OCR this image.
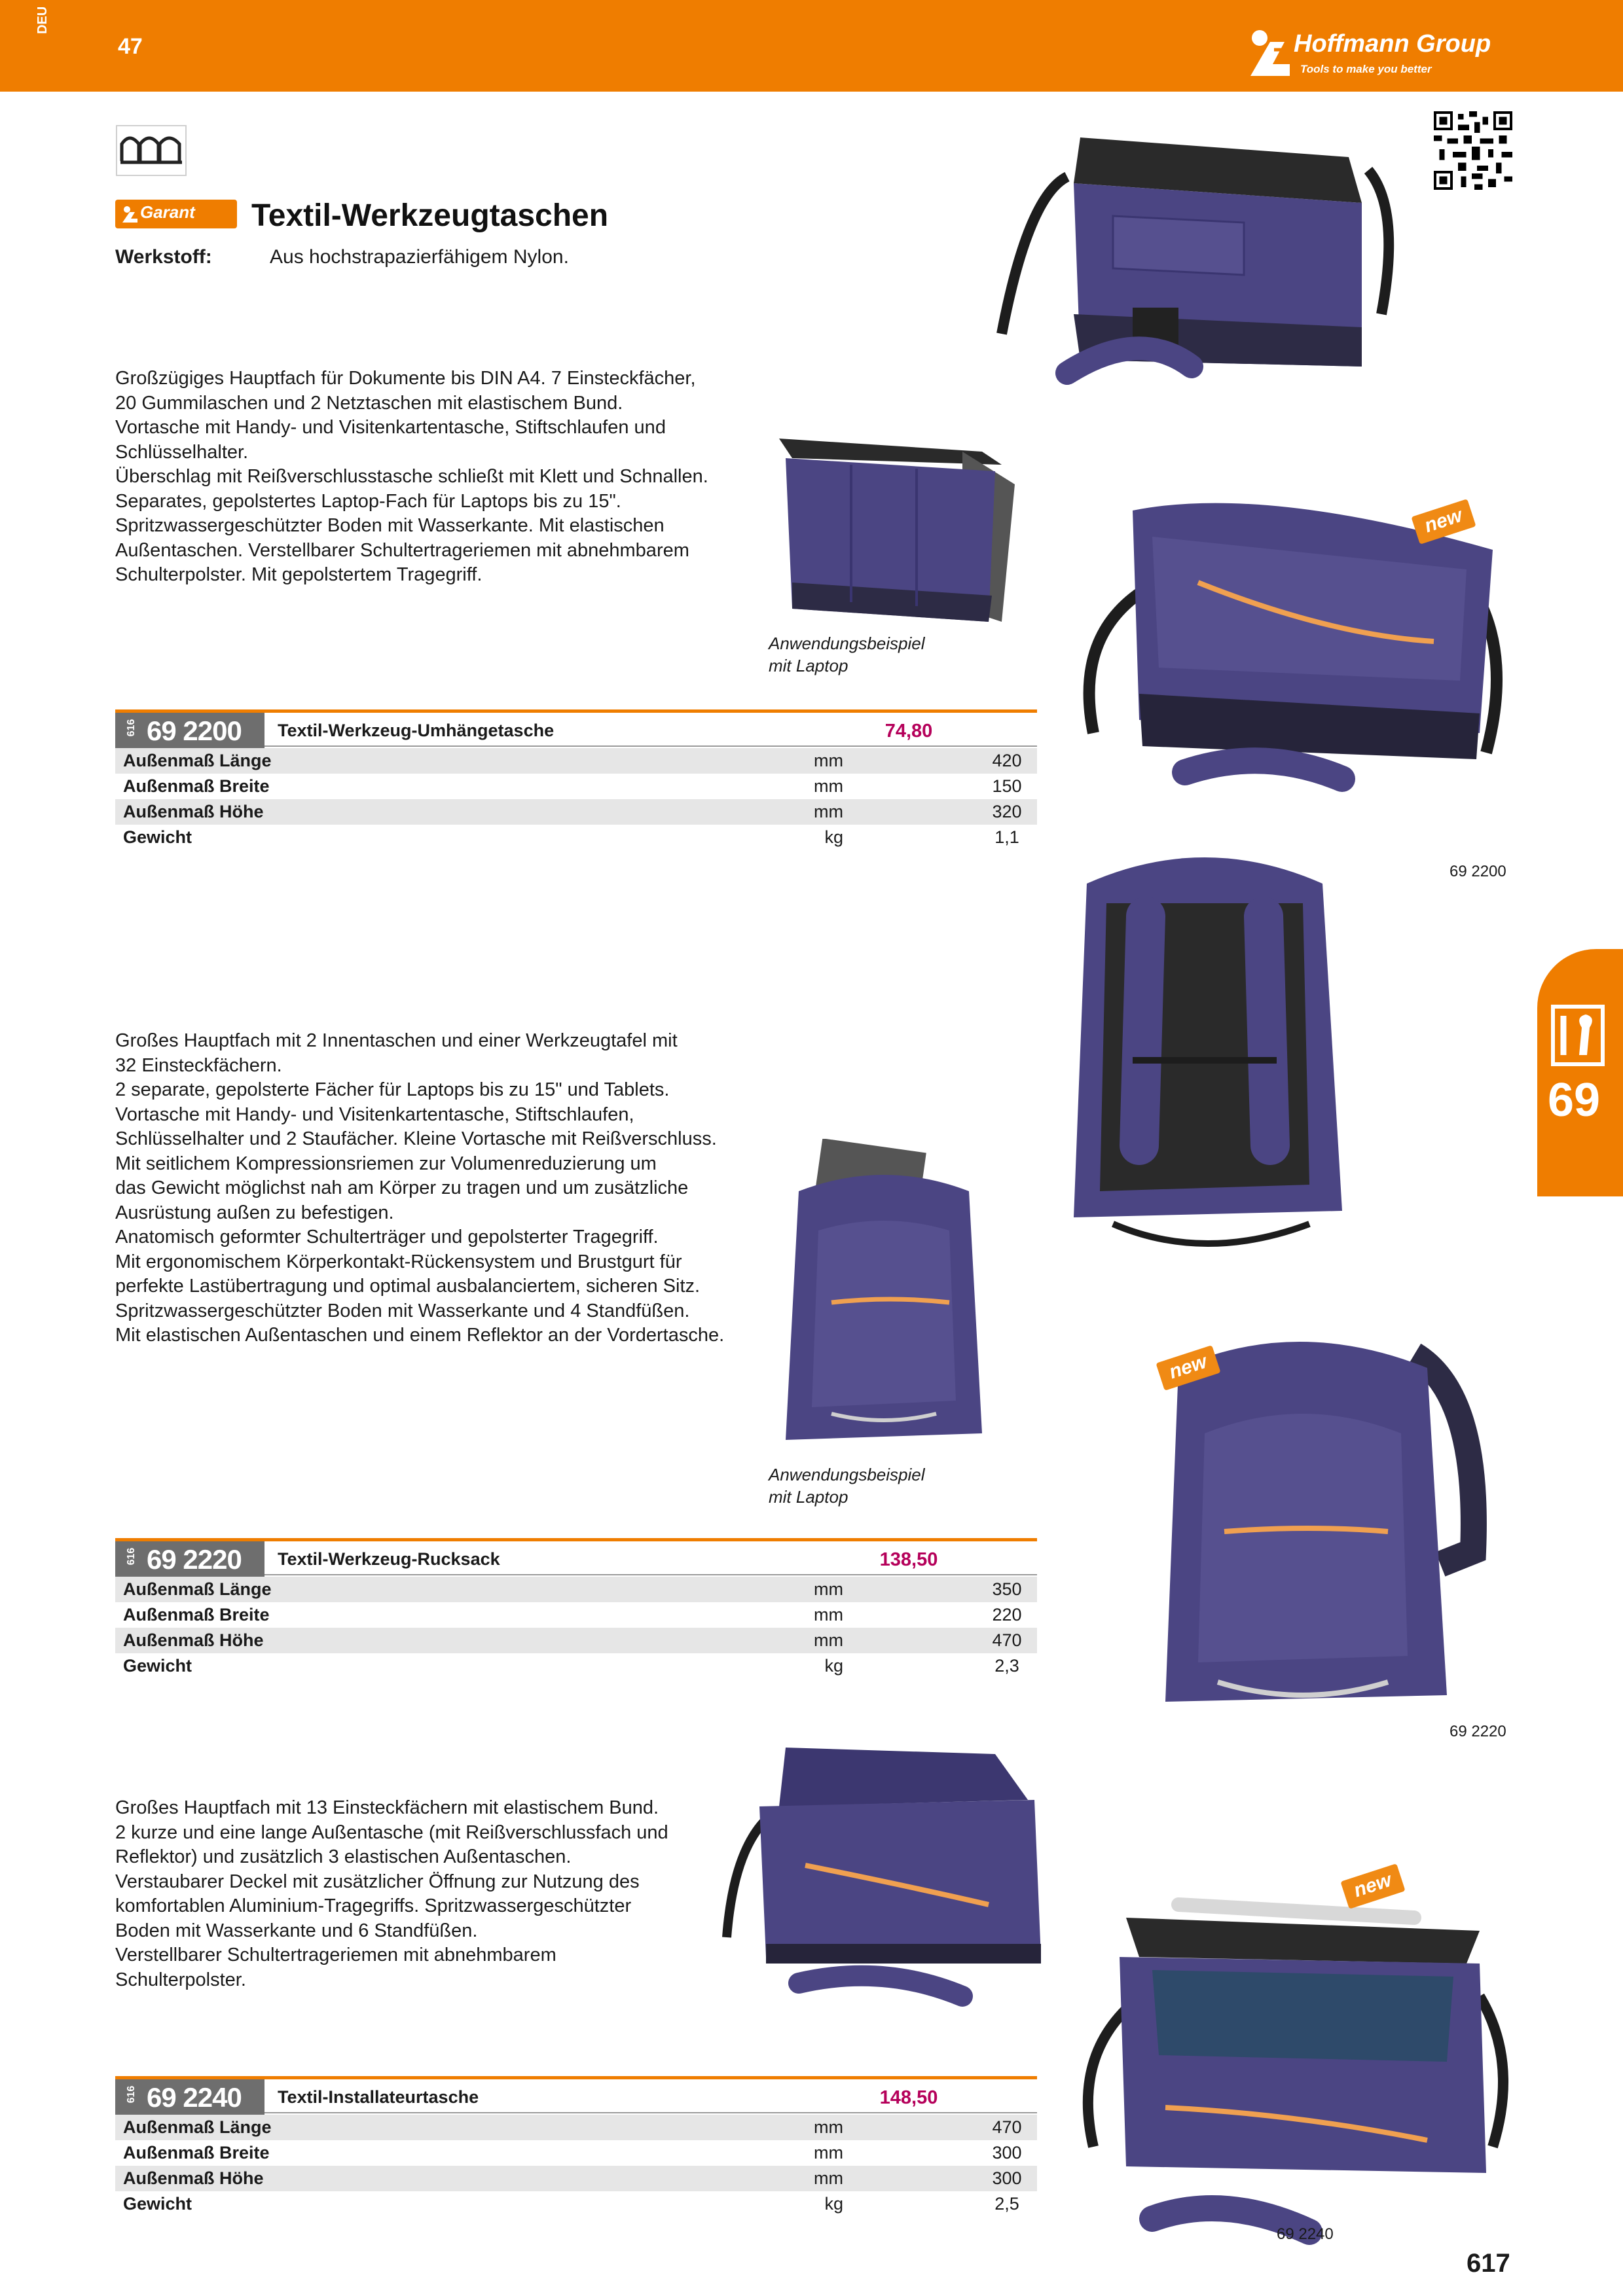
DEU
47	Hoffmann Group
Tools to make you better
Garant Textil-Werkzeugtaschen
Werkstoff:	Aus hochstrapazierfähigem Nylon.

Großzügiges Hauptfach für Dokumente bis DIN A4. 7 Einsteckfächer,
20 Gummilaschen und 2 Netztaschen mit elastischem Bund.
Vortasche mit Handy- und Visitenkartentasche, Stiftschlaufen und
Schlüsselhalter.
Überschlag mit Reißverschlusstasche schließt mit Klett und Schnallen.
Separates, gepolstertes Laptop-Fach für Laptops bis zu 15".
Spritzwassergeschützter Boden mit Wasserkante. Mit elastischen
Außentaschen. Verstellbarer Schultertrageriemen mit abnehmbarem
Schulterpolster. Mit gepolstertem Tragegriff.

Anwendungsbeispiel
mit Laptop
new
69 2200
616 69 2200 Textil-Werkzeug-Umhängetasche	74,80
Außenmaß Länge	mm	420
Außenmaß Breite	mm	150
Außenmaß Höhe	mm	320
Gewicht	kg	1,1

Großes Hauptfach mit 2 Innentaschen und einer Werkzeugtafel mit
32 Einsteckfächern.
2 separate, gepolsterte Fächer für Laptops bis zu 15" und Tablets.
Vortasche mit Handy- und Visitenkartentasche, Stiftschlaufen,
Schlüsselhalter und 2 Staufächer. Kleine Vortasche mit Reißverschluss.
Mit seitlichem Kompressionsriemen zur Volumenreduzierung um
das Gewicht möglichst nah am Körper zu tragen und um zusätzliche
Ausrüstung außen zu befestigen.
Anatomisch geformter Schulterträger und gepolsterter Tragegriff.
Mit ergonomischem Körperkontakt-Rückensystem und Brustgurt für
perfekte Lastübertragung und optimal ausbalanciertem, sicheren Sitz.
Spritzwassergeschützter Boden mit Wasserkante und 4 Standfüßen.
Mit elastischen Außentaschen und einem Reflektor an der Vordertasche.

Anwendungsbeispiel
mit Laptop
new
69 2220
616 69 2220 Textil-Werkzeug-Rucksack	138,50
Außenmaß Länge	mm	350
Außenmaß Breite	mm	220
Außenmaß Höhe	mm	470
Gewicht	kg	2,3

Großes Hauptfach mit 13 Einsteckfächern mit elastischem Bund.
2 kurze und eine lange Außentasche (mit Reißverschlussfach und
Reflektor) und zusätzlich 3 elastischen Außentaschen.
Verstaubarer Deckel mit zusätzlicher Öffnung zur Nutzung des
komfortablen Aluminium-Tragegriffs. Spritzwassergeschützter
Boden mit Wasserkante und 6 Standfüßen.
Verstellbarer Schultertrageriemen mit abnehmbarem
Schulterpolster.

new
69 2240
616 69 2240 Textil-Installateurtasche	148,50
Außenmaß Länge	mm	470
Außenmaß Breite	mm	300
Außenmaß Höhe	mm	300
Gewicht	kg	2,5
69
617
